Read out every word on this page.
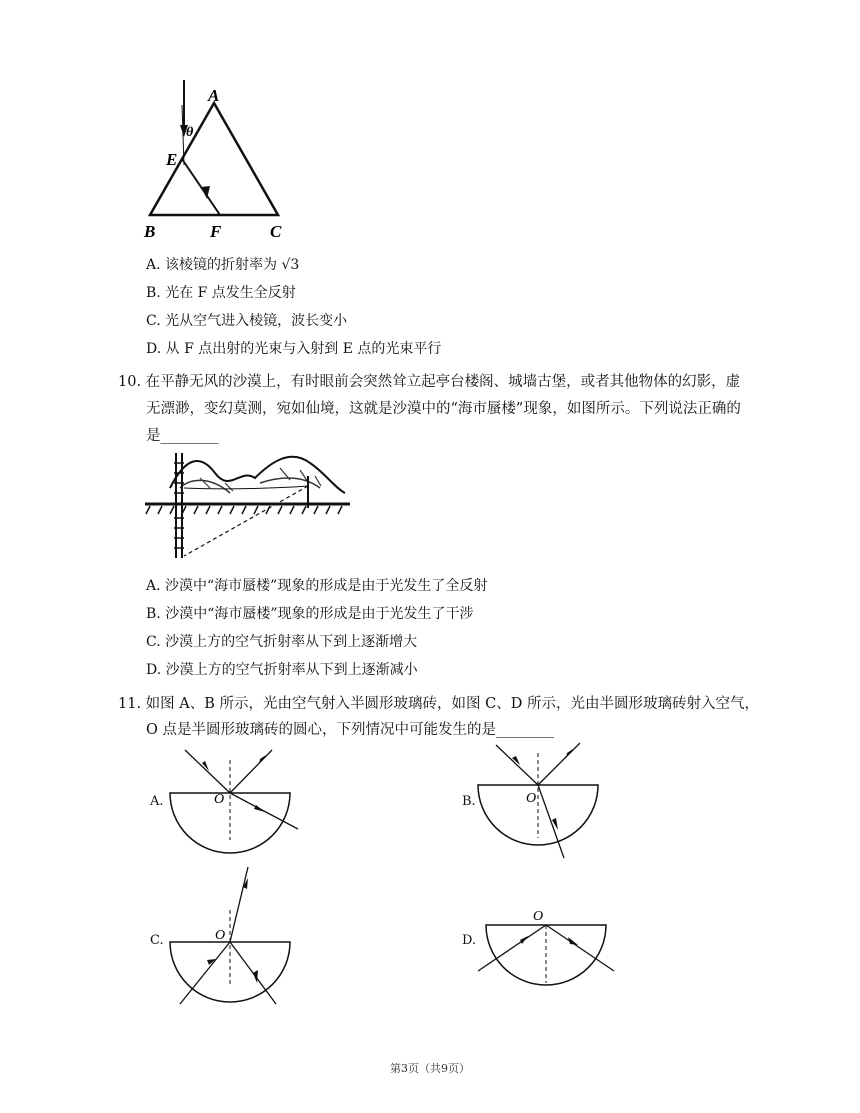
A
θ
E
B	F	C
A. 该棱镜的折射率为 √3
B. 光在 F 点发生全反射
C. 光从空气进入棱镜，波长变小
D. 从 F 点出射的光束与入射到 E 点的光束平行
10. 在平静无风的沙漠上，有时眼前会突然耸立起亭台楼阁、城墙古堡，或者其他物体的幻影，虚
无漂渺，变幻莫测，宛如仙境，这就是沙漠中的“海市蜃楼”现象，如图所示。下列说法正确的
是________
A. 沙漠中“海市蜃楼”现象的形成是由于光发生了全反射
B. 沙漠中“海市蜃楼”现象的形成是由于光发生了干涉
C. 沙漠上方的空气折射率从下到上逐渐增大
D. 沙漠上方的空气折射率从下到上逐渐减小
11. 如图 A、B 所示，光由空气射入半圆形玻璃砖，如图 C、D 所示，光由半圆形玻璃砖射入空气，
O 点是半圆形玻璃砖的圆心，下列情况中可能发生的是________
A.	O	B.	O
C.	O	D.
O
第3页（共9页）
